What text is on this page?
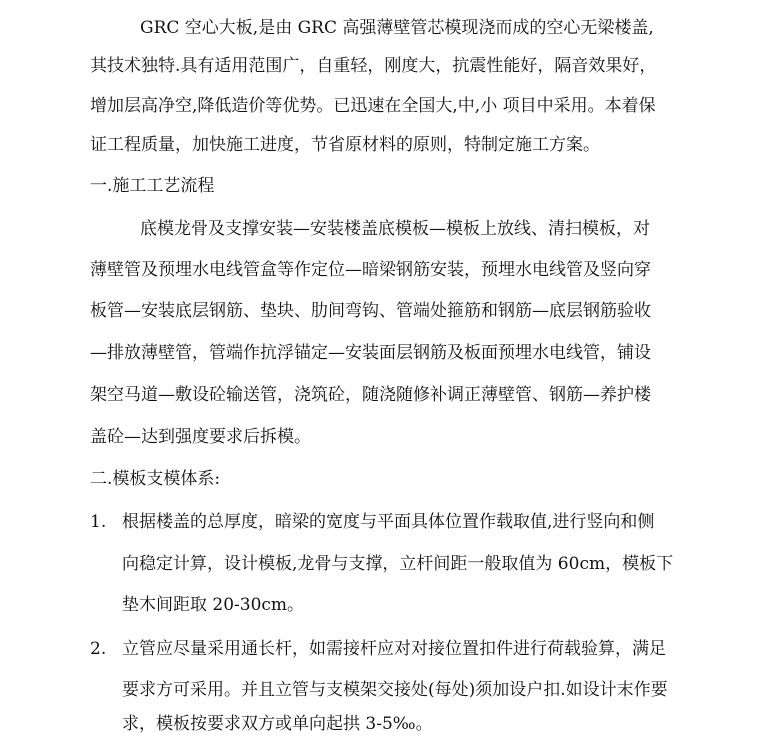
GRC 空心大板,是由 GRC 高强薄壁管芯模现浇而成的空心无梁楼盖,
其技术独特.具有适用范围广，自重轻，刚度大，抗震性能好，隔音效果好，
增加层高净空,降低造价等优势。已迅速在全国大,中,小 项目中采用。本着保
证工程质量，加快施工进度，节省原材料的原则，特制定施工方案。
一.施工工艺流程
底模龙骨及支撑安装—安装楼盖底模板—模板上放线、清扫模板，对
薄壁管及预埋水电线管盒等作定位—暗梁钢筋安装，预埋水电线管及竖向穿
板管—安装底层钢筋、垫块、肋间弯钩、管端处箍筋和钢筋—底层钢筋验收
—排放薄壁管，管端作抗浮锚定—安装面层钢筋及板面预埋水电线管，铺设
架空马道—敷设砼输送管，浇筑砼，随浇随修补调正薄壁管、钢筋—养护楼
盖砼—达到强度要求后拆模。
二.模板支模体系:
1. 根据楼盖的总厚度，暗梁的宽度与平面具体位置作载取值,进行竖向和侧
向稳定计算，设计模板,龙骨与支撑，立杆间距一般取值为 60cm，模板下
垫木间距取 20-30cm。
2. 立管应尽量采用通长杆，如需接杆应对对接位置扣件进行荷载验算，满足
要求方可采用。并且立管与支模架交接处(每处)须加设户扣.如设计末作要
求，模板按要求双方或单向起拱 3-5‰。
